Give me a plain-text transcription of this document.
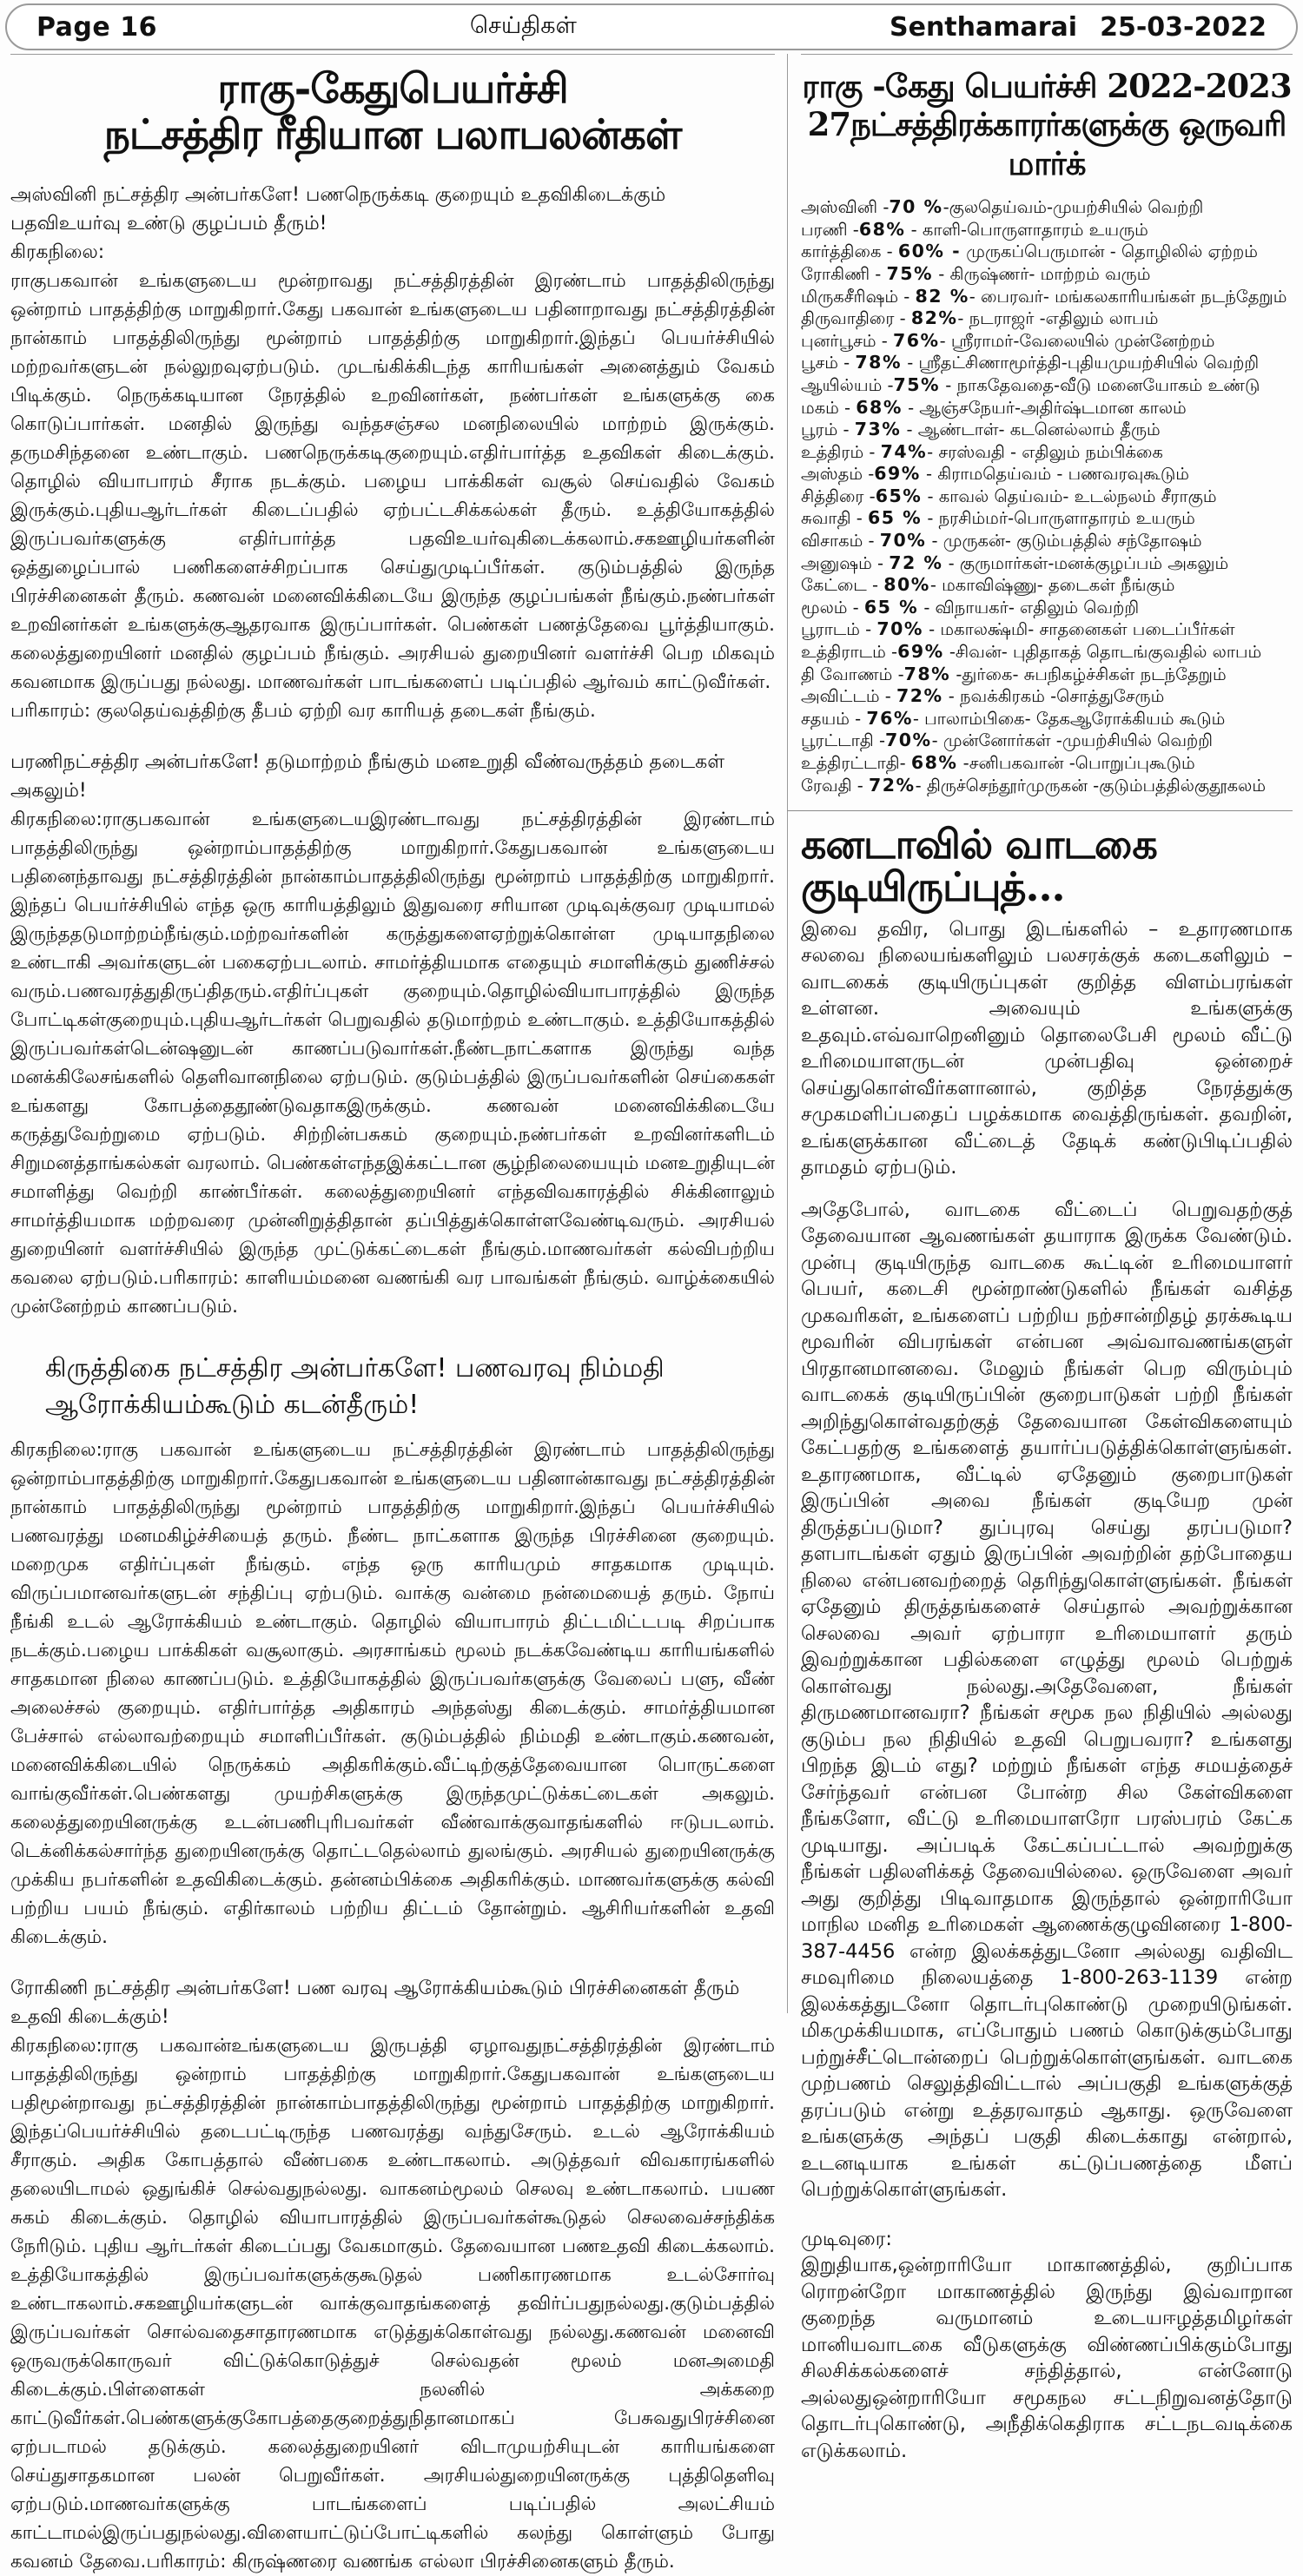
Page 16	செய்திகள்	Senthamarai 25-03-2022
ராகு-கேதுபெயர்ச்சி
நட்சத்திர ரீதியான பலாபலன்கள்
அஸ்வினி நட்சத்திர அன்பர்களே! பணநெருக்கடி குறையும் உதவிகிடைக்கும் பதவிஉயர்வு உண்டு குழப்பம் தீரும்!
கிரகநிலை:
ராகுபகவான் உங்களுடைய மூன்றாவது நட்சத்திரத்தின் இரண்டாம் பாதத்திலிருந்து ஒன்றாம் பாதத்திற்கு மாறுகிறார்.கேது பகவான் உங்களுடைய பதினாறாவது நட்சத்திரத்தின் நான்காம் பாதத்திலிருந்து மூன்றாம் பாதத்திற்கு மாறுகிறார்.இந்தப் பெயர்ச்சியில் மற்றவர்களுடன் நல்லுறவுஏற்படும். முடங்கிக்கிடந்த காரியங்கள் அனைத்தும் வேகம் பிடிக்கும். நெருக்கடியான நேரத்தில் உறவினர்கள், நண்பர்கள் உங்களுக்கு கை கொடுப்பார்கள். மனதில் இருந்து வந்தசஞ்சல மனநிலையில் மாற்றம் இருக்கும். தருமசிந்தனை உண்டாகும். பணநெருக்கடிகுறையும்.எதிர்பார்த்த உதவிகள் கிடைக்கும். தொழில் வியாபாரம் சீராக நடக்கும். பழைய பாக்கிகள் வசூல் செய்வதில் வேகம் இருக்கும்.புதியஆர்டர்கள் கிடைப்பதில் ஏற்பட்டசிக்கல்கள் தீரும். உத்தியோகத்தில் இருப்பவர்களுக்கு எதிர்பார்த்த பதவிஉயர்வுகிடைக்கலாம்.சகஊழியர்களின் ஒத்துழைப்பால் பணிகளைச்சிறப்பாக செய்துமுடிப்பீர்கள். குடும்பத்தில் இருந்த பிரச்சினைகள் தீரும். கணவன் மனைவிக்கிடையே இருந்த குழப்பங்கள் நீங்கும்.நண்பர்கள் உறவினர்கள் உங்களுக்குஆதரவாக இருப்பார்கள். பெண்கள் பணத்தேவை பூர்த்தியாகும். கலைத்துறையினர் மனதில் குழப்பம் நீங்கும். அரசியல் துறையினர் வளர்ச்சி பெற மிகவும் கவனமாக இருப்பது நல்லது. மாணவர்கள் பாடங்களைப் படிப்பதில் ஆர்வம் காட்டுவீர்கள்.
பரிகாரம்: குலதெய்வத்திற்கு தீபம் ஏற்றி வர காரியத் தடைகள் நீங்கும்.
பரணிநட்சத்திர அன்பர்களே! தடுமாற்றம் நீங்கும் மனஉறுதி வீண்வருத்தம் தடைகள் அகலும்!
கிரகநிலை:ராகுபகவான் உங்களுடையஇரண்டாவது நட்சத்திரத்தின் இரண்டாம் பாதத்திலிருந்து ஒன்றாம்பாதத்திற்கு மாறுகிறார்.கேதுபகவான் உங்களுடைய பதினைந்தாவது நட்சத்திரத்தின் நான்காம்பாதத்திலிருந்து மூன்றாம் பாதத்திற்கு மாறுகிறார். இந்தப் பெயர்ச்சியில் எந்த ஒரு காரியத்திலும் இதுவரை சரியான முடிவுக்குவர முடியாமல் இருந்ததடுமாற்றம்நீங்கும்.மற்றவர்களின் கருத்துகளைஏற்றுக்கொள்ள முடியாதநிலை உண்டாகி அவர்களுடன் பகைஏற்படலாம். சாமர்த்தியமாக எதையும் சமாளிக்கும் துணிச்சல் வரும்.பணவரத்துதிருப்திதரும்.எதிர்ப்புகள் குறையும்.தொழில்வியாபாரத்தில் இருந்த போட்டிகள்குறையும்.புதியஆர்டர்கள் பெறுவதில் தடுமாற்றம் உண்டாகும். உத்தியோகத்தில் இருப்பவர்கள்டென்ஷனுடன் காணப்படுவார்கள்.நீண்டநாட்களாக இருந்து வந்த மனக்கிலேசங்களில் தெளிவானநிலை ஏற்படும். குடும்பத்தில் இருப்பவர்களின் செய்கைகள் உங்களது கோபத்தைதூண்டுவதாகஇருக்கும். கணவன் மனைவிக்கிடையே கருத்துவேற்றுமை ஏற்படும். சிற்றின்பசுகம் குறையும்.நண்பர்கள் உறவினர்களிடம் சிறுமனத்தாங்கல்கள் வரலாம். பெண்கள்எந்தஇக்கட்டான சூழ்நிலையையும் மனஉறுதியுடன் சமாளித்து வெற்றி காண்பீர்கள். கலைத்துறையினர் எந்தவிவகாரத்தில் சிக்கினாலும் சாமர்த்தியமாக மற்றவரை முன்னிறுத்திதான் தப்பித்துக்கொள்ளவேண்டிவரும். அரசியல் துறையினர் வளர்ச்சியில் இருந்த முட்டுக்கட்டைகள் நீங்கும்.மாணவர்கள் கல்விபற்றிய கவலை ஏற்படும்.பரிகாரம்: காளியம்மனை வணங்கி வர பாவங்கள் நீங்கும். வாழ்க்கையில் முன்னேற்றம் காணப்படும்.
கிருத்திகை நட்சத்திர அன்பர்களே! பணவரவு நிம்மதி ஆரோக்கியம்கூடும் கடன்தீரும்!
கிரகநிலை:ராகு பகவான் உங்களுடைய நட்சத்திரத்தின் இரண்டாம் பாதத்திலிருந்து ஒன்றாம்பாதத்திற்கு மாறுகிறார்.கேதுபகவான் உங்களுடைய பதினான்காவது நட்சத்திரத்தின் நான்காம் பாதத்திலிருந்து மூன்றாம் பாதத்திற்கு மாறுகிறார்.இந்தப் பெயர்ச்சியில் பணவரத்து மனமகிழ்ச்சியைத் தரும். நீண்ட நாட்களாக இருந்த பிரச்சினை குறையும். மறைமுக எதிர்ப்புகள் நீங்கும். எந்த ஒரு காரியமும் சாதகமாக முடியும். விருப்பமானவர்களுடன் சந்திப்பு ஏற்படும். வாக்கு வன்மை நன்மையைத் தரும். நோய் நீங்கி உடல் ஆரோக்கியம் உண்டாகும். தொழில் வியாபாரம் திட்டமிட்டபடி சிறப்பாக நடக்கும்.பழைய பாக்கிகள் வசூலாகும். அரசாங்கம் மூலம் நடக்கவேண்டிய காரியங்களில் சாதகமான நிலை காணப்படும். உத்தியோகத்தில் இருப்பவர்களுக்கு வேலைப் பளு, வீண் அலைச்சல் குறையும். எதிர்பார்த்த அதிகாரம் அந்தஸ்து கிடைக்கும். சாமர்த்தியமான பேச்சால் எல்லாவற்றையும் சமாளிப்பீர்கள். குடும்பத்தில் நிம்மதி உண்டாகும்.கணவன், மனைவிக்கிடையில் நெருக்கம் அதிகரிக்கும்.வீட்டிற்குத்தேவையான பொருட்களை வாங்குவீர்கள்.பெண்களது முயற்சிகளுக்கு இருந்தமுட்டுக்கட்டைகள் அகலும். கலைத்துறையினருக்கு உடன்பணிபுரிபவர்கள் வீண்வாக்குவாதங்களில் ஈடுபடலாம். டெக்னிக்கல்சார்ந்த துறையினருக்கு தொட்டதெல்லாம் துலங்கும். அரசியல் துறையினருக்கு முக்கிய நபர்களின் உதவிகிடைக்கும். தன்னம்பிக்கை அதிகரிக்கும். மாணவர்களுக்கு கல்வி பற்றிய பயம் நீங்கும். எதிர்காலம் பற்றிய திட்டம் தோன்றும். ஆசிரியர்களின் உதவி கிடைக்கும்.
ரோகிணி நட்சத்திர அன்பர்களே! பண வரவு ஆரோக்கியம்கூடும் பிரச்சினைகள் தீரும் உதவி கிடைக்கும்!
கிரகநிலை:ராகு பகவான்உங்களுடைய இருபத்தி ஏழாவதுநட்சத்திரத்தின் இரண்டாம் பாதத்திலிருந்து ஒன்றாம் பாதத்திற்கு மாறுகிறார்.கேதுபகவான் உங்களுடைய பதிமூன்றாவது நட்சத்திரத்தின் நான்காம்பாதத்திலிருந்து மூன்றாம் பாதத்திற்கு மாறுகிறார். இந்தப்பெயர்ச்சியில் தடைபட்டிருந்த பணவரத்து வந்துசேரும். உடல் ஆரோக்கியம் சீராகும். அதிக கோபத்தால் வீண்பகை உண்டாகலாம். அடுத்தவர் விவகாரங்களில் தலையிடாமல் ஒதுங்கிச் செல்வதுநல்லது. வாகனம்மூலம் செலவு உண்டாகலாம். பயண சுகம் கிடைக்கும். தொழில் வியாபாரத்தில் இருப்பவர்கள்கூடுதல் செலவைச்சந்திக்க நேரிடும். புதிய ஆர்டர்கள் கிடைப்பது வேகமாகும். தேவையான பணஉதவி கிடைக்கலாம். உத்தியோகத்தில் இருப்பவர்களுக்குகூடுதல் பணிகாரணமாக உடல்சோர்வு உண்டாகலாம்.சகஊழியர்களுடன் வாக்குவாதங்களைத் தவிர்ப்பதுநல்லது.குடும்பத்தில் இருப்பவர்கள் சொல்வதைசாதாரணமாக எடுத்துக்கொள்வது நல்லது.கணவன் மனைவி ஒருவருக்கொருவர் விட்டுக்கொடுத்துச் செல்வதன் மூலம் மனஅமைதி கிடைக்கும்.பிள்ளைகள் நலனில் அக்கறை காட்டுவீர்கள்.பெண்களுக்குகோபத்தைகுறைத்துநிதானமாகப் பேசுவதுபிரச்சினை ஏற்படாமல் தடுக்கும். கலைத்துறையினர் விடாமுயற்சியுடன் காரியங்களை செய்துசாதகமான பலன் பெறுவீர்கள். அரசியல்துறையினருக்கு புத்திதெளிவு ஏற்படும்.மாணவர்களுக்கு பாடங்களைப் படிப்பதில் அலட்சியம் காட்டாமல்இருப்பதுநல்லது.விளையாட்டுப்போட்டிகளில் கலந்து கொள்ளும் போது கவனம் தேவை.பரிகாரம்: கிருஷ்ணரை வணங்க எல்லா பிரச்சினைகளும் தீரும்.
ராகு -கேது பெயர்ச்சி 2022-2023
27நட்சத்திரக்காரர்களுக்கு ஒருவரி மார்க்
அஸ்வினி -70 %-குலதெய்வம்-முயற்சியில் வெற்றி
பரணி -68% - காளி-பொருளாதாரம் உயரும்
கார்த்திகை - 60% - முருகப்பெருமான் - தொழிலில் ஏற்றம்
ரோகிணி - 75% - கிருஷ்ணர்- மாற்றம் வரும்
மிருகசீரிஷம் - 82 %- பைரவர்- மங்கலகாரியங்கள் நடந்தேறும்
திருவாதிரை - 82%- நடராஜர் -எதிலும் லாபம்
புனர்பூசம் - 76%- ஸ்ரீராமர்-வேலையில் முன்னேற்றம்
பூசம் - 78% - ஸ்ரீதட்சிணாமூர்த்தி-புதியமுயற்சியில் வெற்றி
ஆயில்யம் -75% - நாகதேவதை-வீடு மனையோகம் உண்டு
மகம் - 68% - ஆஞ்சநேயர்-அதிர்ஷ்டமான காலம்
பூரம் - 73% - ஆண்டாள்- கடனெல்லாம் தீரும்
உத்திரம் - 74%- சரஸ்வதி - எதிலும் நம்பிக்கை
அஸ்தம் -69% - கிராமதெய்வம் - பணவரவுகூடும்
சித்திரை -65% - காவல் தெய்வம்- உடல்நலம் சீராகும்
சுவாதி - 65 % - நரசிம்மர்-பொருளாதாரம் உயரும்
விசாகம் - 70% - முருகன்- குடும்பத்தில் சந்தோஷம்
அனுஷம் - 72 % - குருமார்கள்-மனக்குழப்பம் அகலும்
கேட்டை - 80%- மகாவிஷ்ணு- தடைகள் நீங்கும்
மூலம் - 65 % - விநாயகர்- எதிலும் வெற்றி
பூராடம் - 70% - மகாலக்ஷ்மி- சாதனைகள் படைப்பீர்கள்
உத்திராடம் -69% -சிவன்- புதிதாகத் தொடங்குவதில் லாபம்
தி வோணம் -78% -துர்கை- சுபநிகழ்ச்சிகள் நடந்தேறும்
அவிட்டம் - 72% - நவக்கிரகம் -சொத்துசேரும்
சதயம் - 76%- பாலாம்பிகை- தேகஆரோக்கியம் கூடும்
பூரட்டாதி -70%- முன்னோர்கள் -முயற்சியில் வெற்றி
உத்திரட்டாதி- 68% -சனிபகவான் -பொறுப்புகூடும்
ரேவதி - 72%- திருச்செந்தூர்முருகன் -குடும்பத்தில்குதூகலம்
கனடாவில் வாடகை குடியிருப்புத்...

இவை தவிர, பொது இடங்களில் – உதாரணமாக சலவை நிலையங்களிலும் பலசரக்குக் கடைகளிலும் – வாடகைக் குடியிருப்புகள் குறித்த விளம்பரங்கள் உள்ளன. அவையும் உங்களுக்கு உதவும்.எவ்வாறெனினும் தொலைபேசி மூலம் வீட்டு உரிமையாளருடன் முன்பதிவு ஒன்றைச் செய்துகொள்வீர்களானால், குறித்த நேரத்துக்கு சமுகமளிப்பதைப் பழக்கமாக வைத்திருங்கள். தவறின், உங்களுக்கான வீட்டைத் தேடிக் கண்டுபிடிப்பதில் தாமதம் ஏற்படும்.

அதேபோல், வாடகை வீட்டைப் பெறுவதற்குத் தேவையான ஆவணங்கள் தயாராக இருக்க வேண்டும். முன்பு குடியிருந்த வாடகை கூட்டின் உரிமையாளர் பெயர், கடைசி மூன்றாண்டுகளில் நீங்கள் வசித்த முகவரிகள், உங்களைப் பற்றிய நற்சான்றிதழ் தரக்கூடிய மூவரின் விபரங்கள் என்பன அவ்வாவணங்களுள் பிரதானமானவை. மேலும் நீங்கள் பெற விரும்பும் வாடகைக் குடியிருப்பின் குறைபாடுகள் பற்றி நீங்கள் அறிந்துகொள்வதற்குத் தேவையான கேள்விகளையும் கேட்பதற்கு உங்களைத் தயார்ப்படுத்திக்கொள்ளுங்கள். உதாரணமாக, வீட்டில் ஏதேனும் குறைபாடுகள் இருப்பின் அவை நீங்கள் குடியேற முன் திருத்தப்படுமா? துப்புரவு செய்து தரப்படுமா? தளபாடங்கள் ஏதும் இருப்பின் அவற்றின் தற்போதைய நிலை என்பனவற்றைத் தெரிந்துகொள்ளுங்கள். நீங்கள் ஏதேனும் திருத்தங்களைச் செய்தால் அவற்றுக்கான செலவை அவர் ஏற்பாரா உரிமையாளர் தரும் இவற்றுக்கான பதில்களை எழுத்து மூலம் பெற்றுக் கொள்வது நல்லது.அதேவேளை, நீங்கள் திருமணமானவரா? நீங்கள் சமூக நல நிதியில் அல்லது குடும்ப நல நிதியில் உதவி பெறுபவரா? உங்களது பிறந்த இடம் எது? மற்றும் நீங்கள் எந்த சமயத்தைச் சேர்ந்தவர் என்பன போன்ற சில கேள்விகளை நீங்களோ, வீட்டு உரிமையாளரோ பரஸ்பரம் கேட்க முடியாது. அப்படிக் கேட்கப்பட்டால் அவற்றுக்கு நீங்கள் பதிலளிக்கத் தேவையில்லை. ஒருவேளை அவர் அது குறித்து பிடிவாதமாக இருந்தால் ஒன்றாரியோ மாநில மனித உரிமைகள் ஆணைக்குழுவினரை 1-800-387-4456 என்ற இலக்கத்துடனோ அல்லது வதிவிட சமவுரிமை நிலையத்தை 1-800-263-1139 என்ற இலக்கத்துடனோ தொடர்புகொண்டு முறையிடுங்கள். மிகமுக்கியமாக, எப்போதும் பணம் கொடுக்கும்போது பற்றுச்சீட்டொன்றைப் பெற்றுக்கொள்ளுங்கள். வாடகை முற்பணம் செலுத்திவிட்டால் அப்பகுதி உங்களுக்குத் தரப்படும் என்று உத்தரவாதம் ஆகாது. ஒருவேளை உங்களுக்கு அந்தப் பகுதி கிடைக்காது என்றால், உடனடியாக உங்கள் கட்டுப்பணத்தை மீளப் பெற்றுக்கொள்ளுங்கள்.

முடிவுரை:
இறுதியாக,ஒன்றாரியோ மாகாணத்தில், குறிப்பாக ரொறன்றோ மாகாணத்தில் இருந்து இவ்வாறான குறைந்த வருமானம் உடையஈழத்தமிழர்கள் மானியவாடகை வீடுகளுக்கு விண்ணப்பிக்கும்போது சிலசிக்கல்களைச் சந்தித்தால், என்னோடு அல்லதுஒன்றாரியோ சமூகநல சட்டநிறுவனத்தோடு தொடர்புகொண்டு, அநீதிக்கெதிராக சட்டநடவடிக்கை எடுக்கலாம்.
